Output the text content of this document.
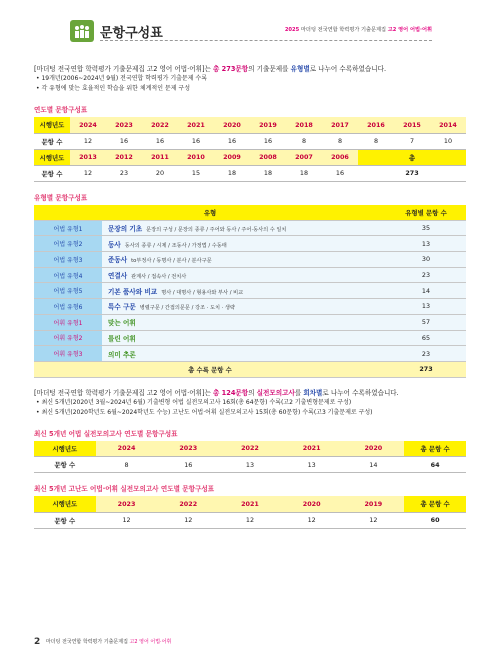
문항구성표	2025 마더텅 전국연합 학력평가 기출문제집 고2 영어 어법·어휘
[마더텅 전국연합 학력평가 기출문제집 고2 영어 어법·어휘]는 총 273문항의 기출문제를 유형별로 나누어 수록하였습니다.
• 19개년(2006~2024년 9월) 전국연합 학력평가 기출문제 수록
• 각 유형에 맞는 효율적인 학습을 위한 체계적인 문제 구성
연도별 문항구성표
시행년도	2024	2023	2022	2021	2020	2019	2018	2017	2016	2015	2014
문항 수	12	16	16	16	16	16	8	8	8	7	10
시행년도	2013	2012	2011	2010	2009	2008	2007	2006	총		
문항 수	12	23	20	15	18	18	18	16	273		
유형별 문항구성표
유형		유형별 문항 수
어법 유형1	문장의 기초 문장의 구성 / 문장의 종류 / 주어와 동사 / 주어·동사의 수 일치	35
어법 유형2	동사 동사의 종류 / 시제 / 조동사 / 가정법 / 수동태	13
어법 유형3	준동사 to부정사 / 동명사 / 분사 / 분사구문	30
어법 유형4	연결사 관계사 / 접속사 / 전치사	23
어법 유형5	기본 품사와 비교 명사 / 대명사 / 형용사와 부사 / 비교	14
어법 유형6	특수 구문 병렬구문 / 간접의문문 / 강조 · 도치 · 생략	13
어휘 유형1	맞는 어휘	57
어휘 유형2	틀린 어휘	65
어휘 유형3	의미 추론	23
총 수록 문항 수		273
[마더텅 전국연합 학력평가 기출문제집 고2 영어 어법·어휘]는 총 124문항의 실전모의고사를 회차별로 나누어 수록하였습니다.
• 최신 5개년(2020년 3월~2024년 6월) 기출변형 어법 실전모의고사 16회(총 64문항) 수록(고2 기출변형문제로 구성)
• 최신 5개년(2020학년도 6월~2024학년도 수능) 고난도 어법·어휘 실전모의고사 15회(총 60문항) 수록(고3 기출문제로 구성)
최신 5개년 어법 실전모의고사 연도별 문항구성표
시행년도	2024	2023	2022	2021	2020	총 문항 수
문항 수	8	16	13	13	14	64
최신 5개년 고난도 어법·어휘 실전모의고사 연도별 문항구성표
시행년도	2023	2022	2021	2020	2019	총 문항 수
문항 수	12	12	12	12	12	60
2 마더텅 전국연합 학력평가 기출문제집 고2 영어 어법·어휘
